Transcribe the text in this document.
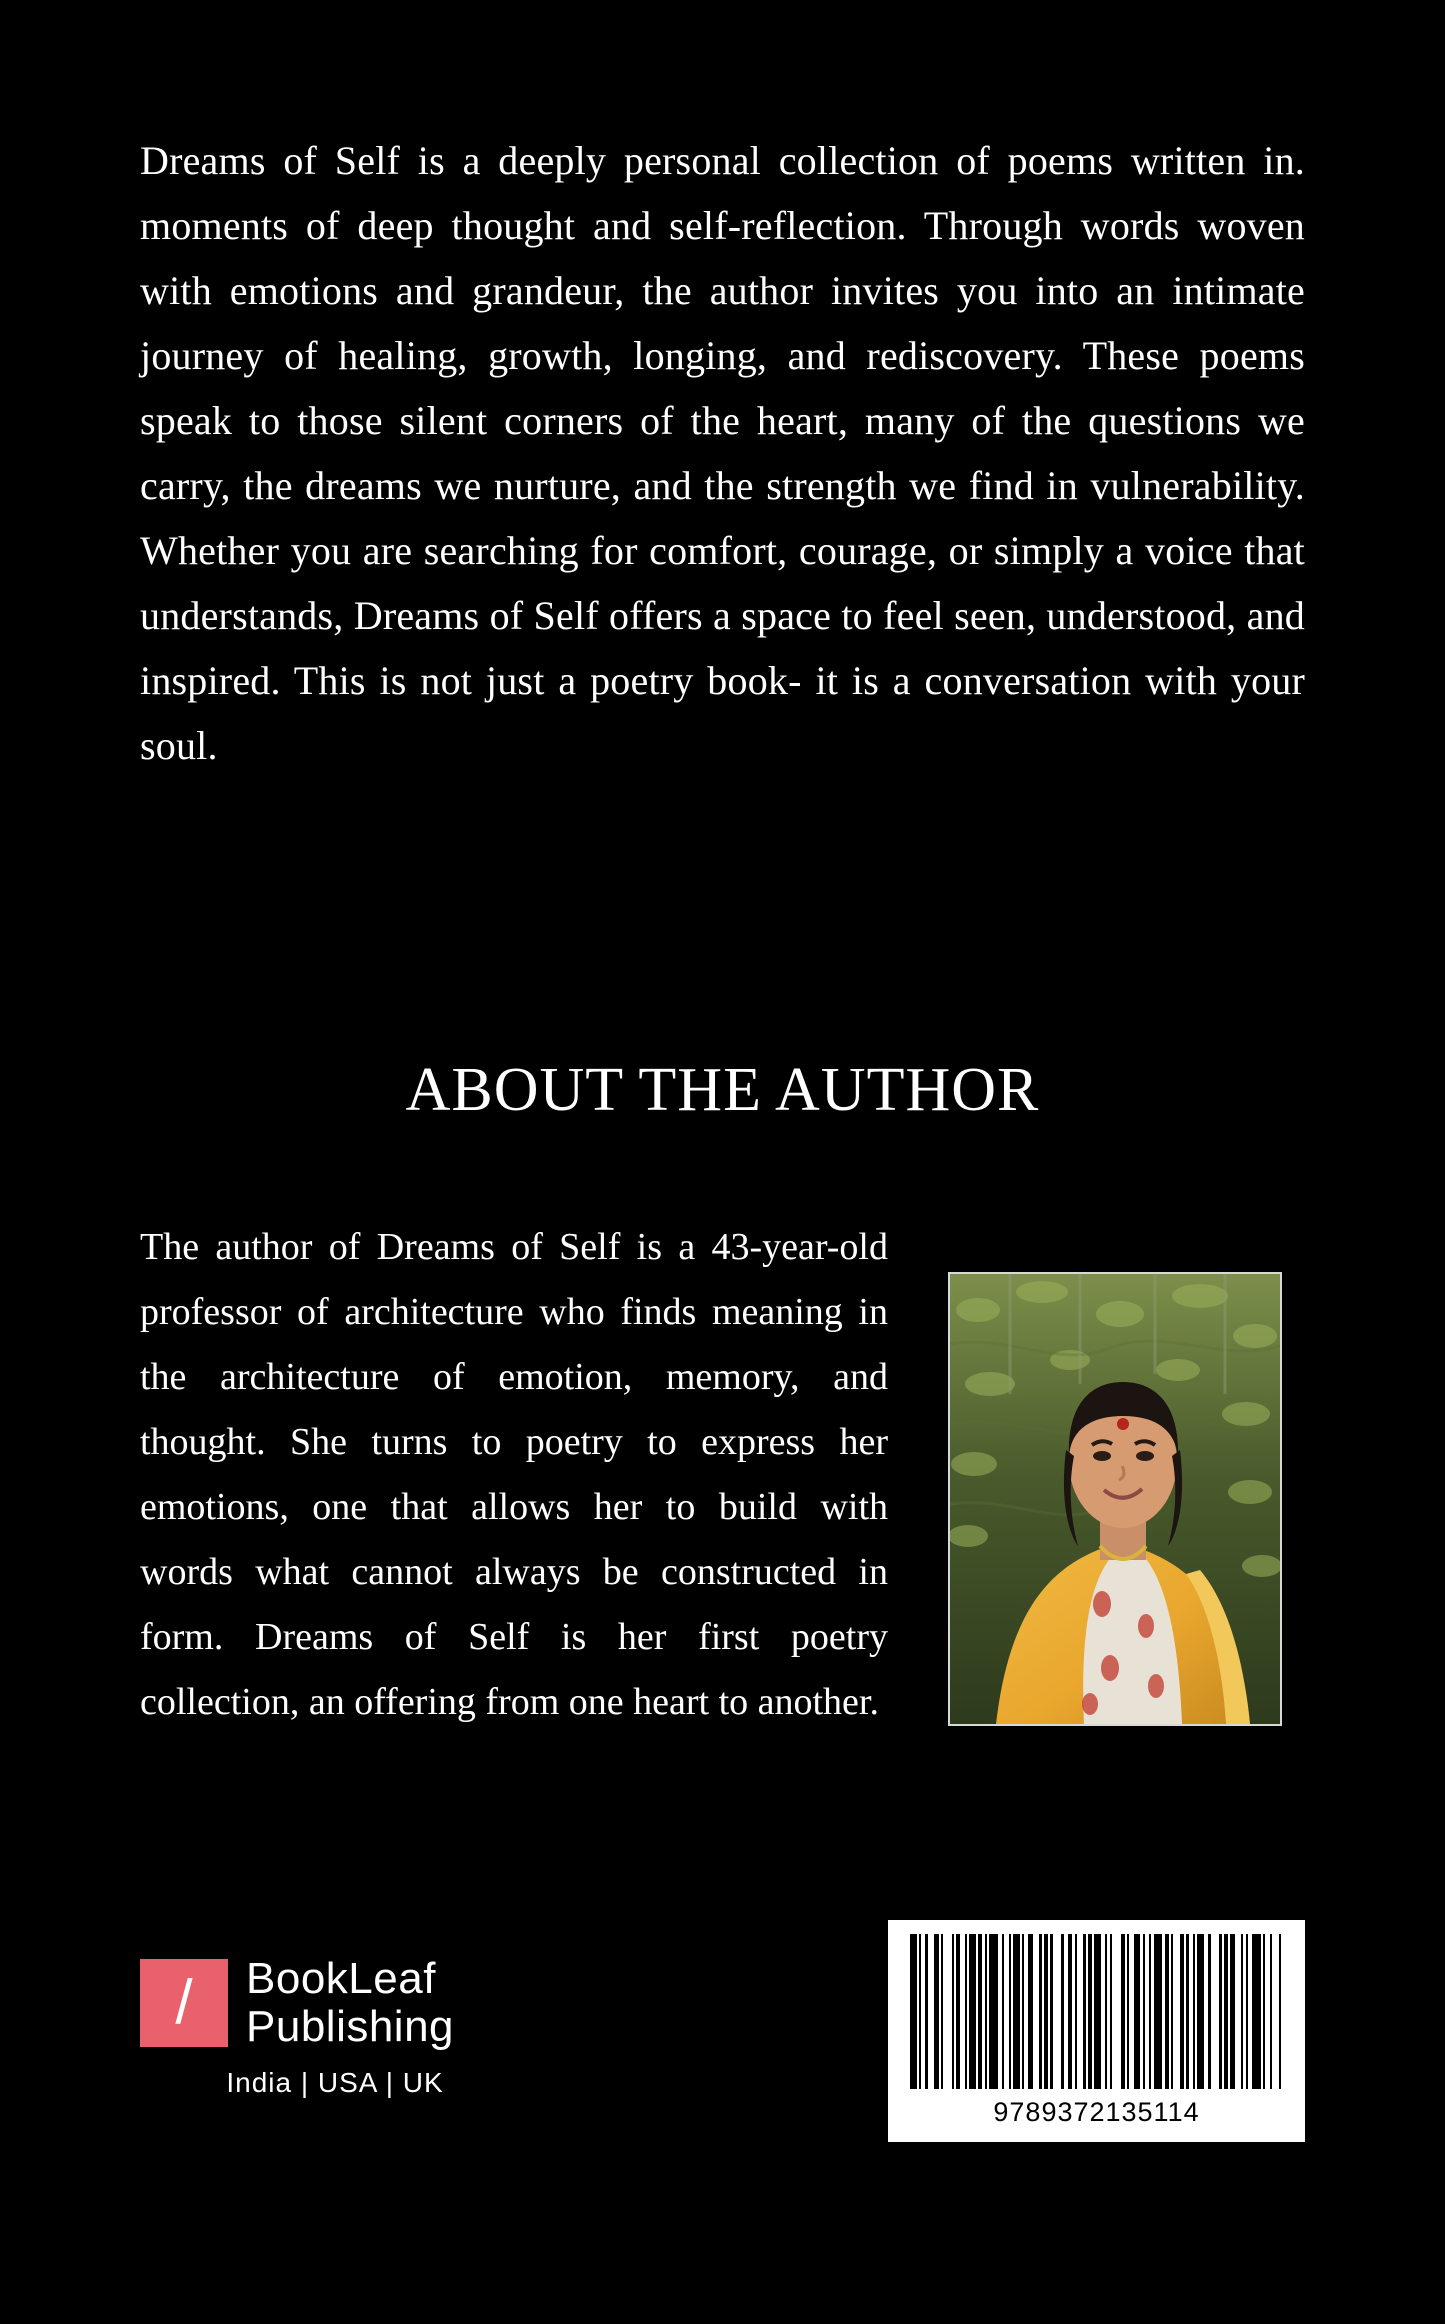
.
Dreams of Self is a deeply personal collection of poems written in moments of deep thought and self-reflection. Through words woven with emotions and grandeur, the author invites you into an intimate journey of healing, growth, longing, and rediscovery. These poems speak to those silent corners of the heart, many of the questions we carry, the dreams we nurture, and the strength we find in vulnerability. Whether you are searching for comfort, courage, or simply a voice that understands, Dreams of Self offers a space to feel seen, understood, and inspired. This is not just a poetry book- it is a conversation with your soul.
ABOUT THE AUTHOR
The author of Dreams of Self is a 43-year-old professor of architecture who finds meaning in the architecture of emotion, memory, and thought. She turns to poetry to express her emotions, one that allows her to build with words what cannot always be constructed in form. Dreams of Self is her first poetry collection, an offering from one heart to another.
/ BookLeaf
Publishing
India | USA | UK
9789372135114
